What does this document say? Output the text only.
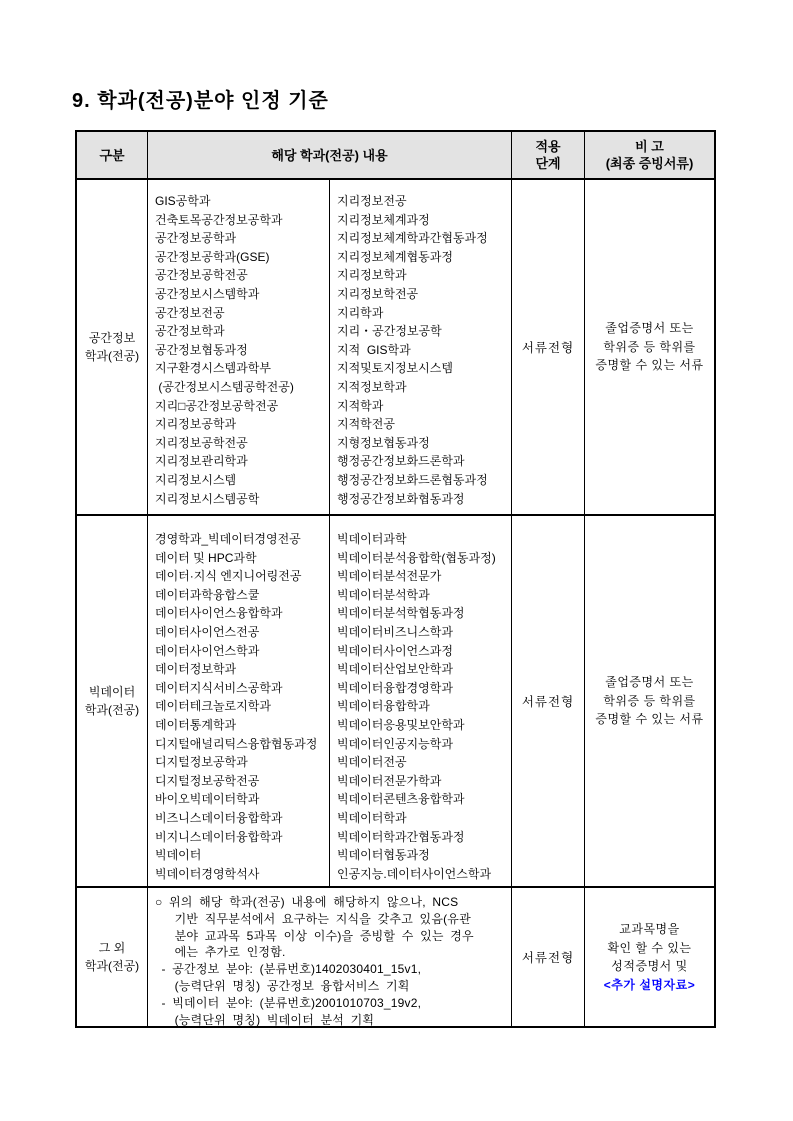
9. 학과(전공)분야 인정 기준
구분	해당 학과(전공) 내용
적용
단계
비 고
(최종 증빙서류)
공간정보
학과(전공)
GIS공학과
건축토목공간정보공학과
공간정보공학과
공간정보공학과(GSE)
공간정보공학전공
공간정보시스템학과
공간정보전공
공간정보학과
공간정보협동과정
지구환경시스템과학부
(공간정보시스템공학전공)
지리□공간정보공학전공
지리정보공학과
지리정보공학전공
지리정보관리학과
지리정보시스템
지리정보시스템공학
지리정보전공
지리정보체계과정
지리정보체계학과간협동과정
지리정보체계협동과정
지리정보학과
지리정보학전공
지리학과
지리・공간정보공학
지적  GIS학과
지적및토지정보시스템
지적정보학과
지적학과
지적학전공
지형정보협동과정
행정공간정보화드론학과
행정공간정보화드론협동과정
행정공간정보화협동과정
서류전형
졸업증명서 또는
학위증 등 학위를
증명할 수 있는 서류
빅데이터
학과(전공)
경영학과_빅데이터경영전공
데이터 및 HPC과학
데이터·지식 엔지니어링전공
데이터과학융합스쿨
데이터사이언스융합학과
데이터사이언스전공
데이터사이언스학과
데이터정보학과
데이터지식서비스공학과
데이터테크놀로지학과
데이터통계학과
디지털애널리틱스융합협동과정
디지털정보공학과
디지털정보공학전공
바이오빅데이터학과
비즈니스데이터융합학과
비지니스데이터융합학과
빅데이터
빅데이터경영학석사
빅데이터과학
빅데이터분석융합학(협동과정)
빅데이터분석전문가
빅데이터분석학과
빅데이터분석학협동과정
빅데이터비즈니스학과
빅데이터사이언스과정
빅데이터산업보안학과
빅데이터융합경영학과
빅데이터융합학과
빅데이터응용및보안학과
빅데이터인공지능학과
빅데이터전공
빅데이터전문가학과
빅데이터콘텐츠융합학과
빅데이터학과
빅데이터학과간협동과정
빅데이터협동과정
인공지능.데이터사이언스학과
서류전형
졸업증명서 또는
학위증 등 학위를
증명할 수 있는 서류
그 외
학과(전공)
○ 위의 해당 학과(전공) 내용에 해당하지 않으나, NCS
기반 직무분석에서 요구하는 지식을 갖추고 있음(유관
분야 교과목 5과목 이상 이수)을 증빙할 수 있는 경우
에는 추가로 인정함.
- 공간정보 분야: (분류번호)1402030401_15v1,
(능력단위 명칭) 공간정보 융합서비스 기획
- 빅데이터 분야: (분류번호)2001010703_19v2,
(능력단위 명칭) 빅데이터 분석 기획
서류전형
교과목명을
확인 할 수 있는
성적증명서 및
<추가 설명자료>
